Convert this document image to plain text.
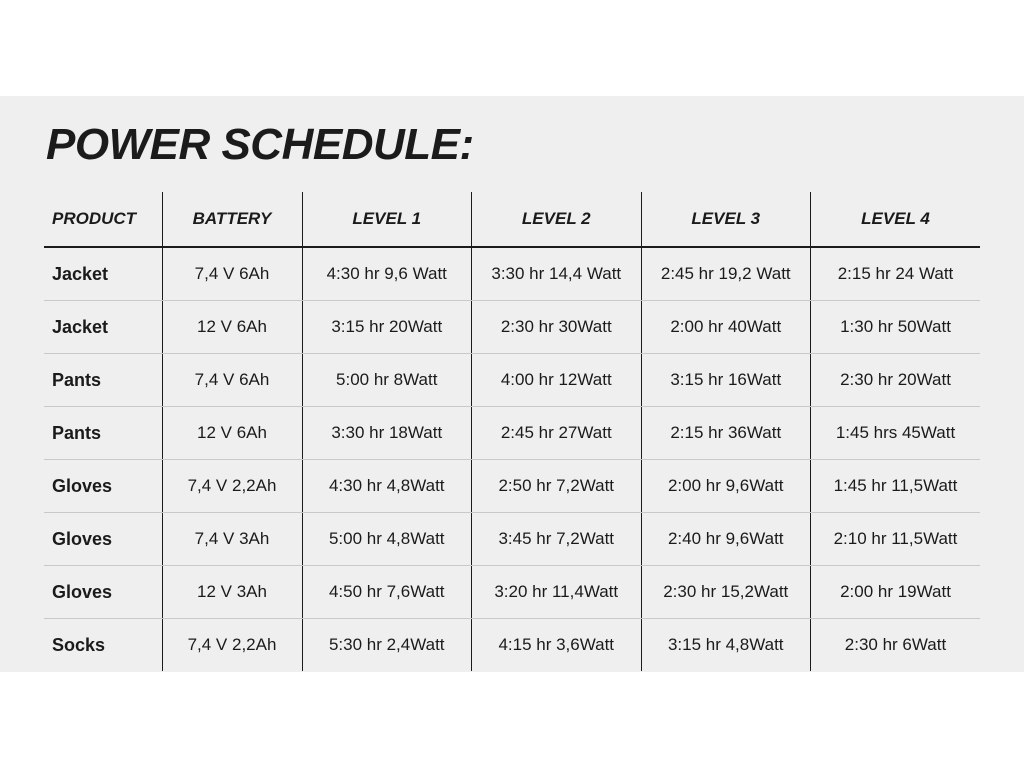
POWER SCHEDULE:
PRODUCT	BATTERY	LEVEL 1	LEVEL 2	LEVEL 3	LEVEL 4
Jacket	7,4 V 6Ah	4:30 hr 9,6 Watt	3:30 hr 14,4 Watt	2:45 hr 19,2 Watt	2:15 hr 24 Watt
Jacket	12 V 6Ah	3:15 hr 20Watt	2:30 hr 30Watt	2:00 hr 40Watt	1:30 hr 50Watt
Pants	7,4 V 6Ah	5:00 hr 8Watt	4:00 hr 12Watt	3:15 hr 16Watt	2:30 hr 20Watt
Pants	12 V 6Ah	3:30 hr 18Watt	2:45 hr 27Watt	2:15 hr 36Watt	1:45 hrs 45Watt
Gloves	7,4 V 2,2Ah	4:30 hr 4,8Watt	2:50 hr 7,2Watt	2:00 hr 9,6Watt	1:45 hr 11,5Watt
Gloves	7,4 V 3Ah	5:00 hr 4,8Watt	3:45 hr 7,2Watt	2:40 hr 9,6Watt	2:10 hr 11,5Watt
Gloves	12 V 3Ah	4:50 hr 7,6Watt	3:20 hr 11,4Watt	2:30 hr 15,2Watt	2:00 hr 19Watt
Socks	7,4 V 2,2Ah	5:30 hr 2,4Watt	4:15 hr 3,6Watt	3:15 hr 4,8Watt	2:30 hr 6Watt
